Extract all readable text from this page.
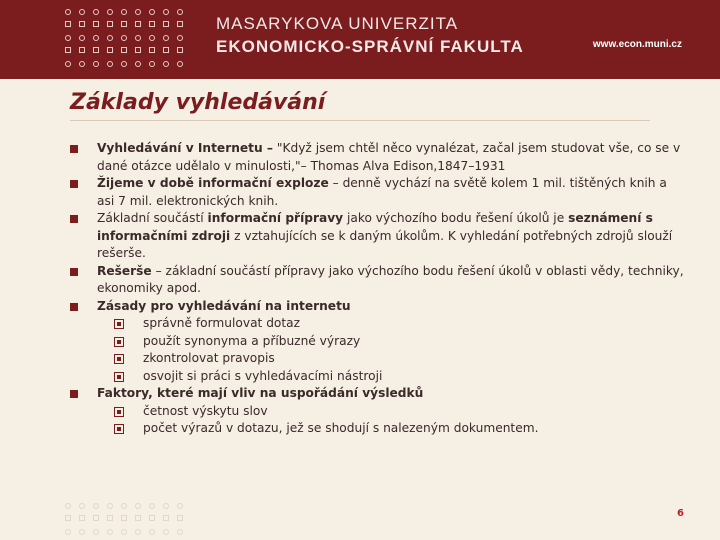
MASARYKOVA UNIVERZITA
EKONOMICKO-SPRÁVNÍ FAKULTA	www.econ.muni.cz
Základy vyhledávání
Vyhledávání v Internetu – "Když jsem chtěl něco vynalézat, začal jsem studovat vše, co se v dané otázce udělalo v minulosti,"– Thomas Alva Edison,1847–1931
Žijeme v době informační exploze – denně vychází na světě kolem 1 mil. tištěných knih a asi 7 mil. elektronických knih.
Základní součástí informační přípravy jako výchozího bodu řešení úkolů je seznámení s informačními zdroji z vztahujících se k daným úkolům. K vyhledání potřebných zdrojů slouží rešerše.
Rešerše – základní součástí přípravy jako výchozího bodu řešení úkolů v oblasti vědy, techniky, ekonomiky apod.
Zásady pro vyhledávání na internetu
správně formulovat dotaz
použít synonyma a příbuzné výrazy
zkontrolovat pravopis
osvojit si práci s vyhledávacími nástroji
Faktory, které mají vliv na uspořádání výsledků
četnost výskytu slov
počet výrazů v dotazu, jež se shodují s nalezeným dokumentem.
6
